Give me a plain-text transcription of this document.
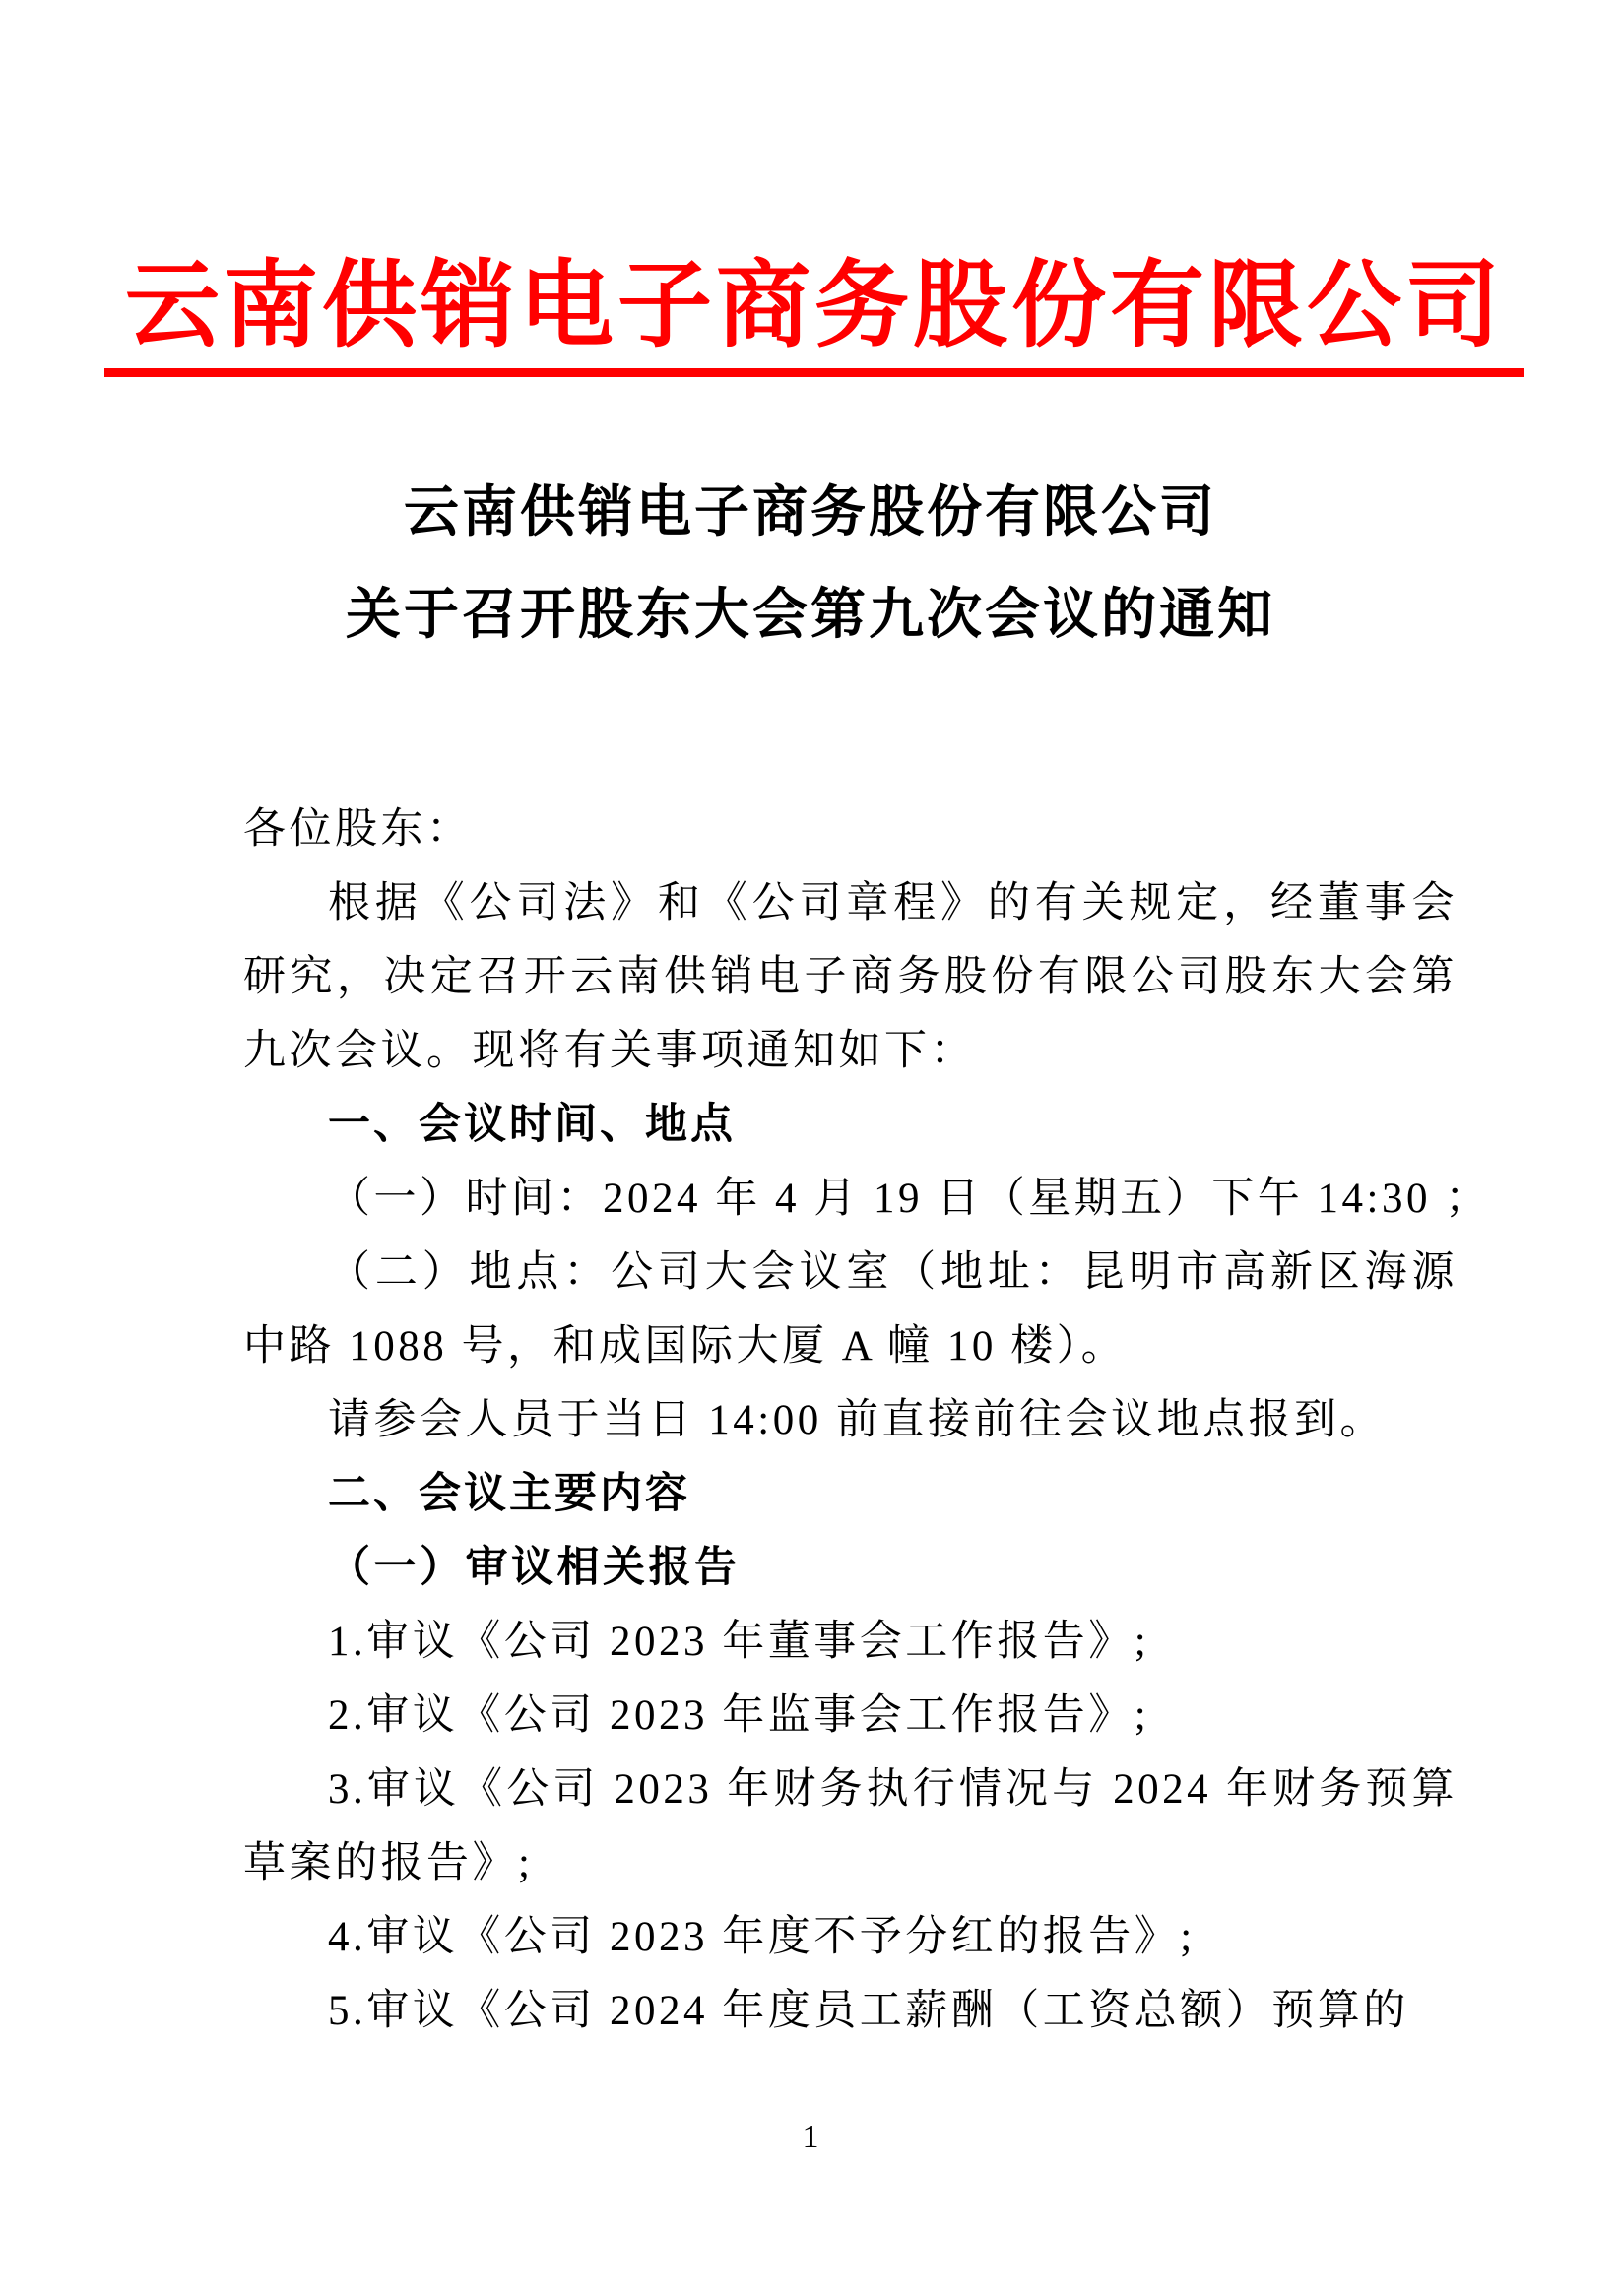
云南供销电子商务股份有限公司
云南供销电子商务股份有限公司
关于召开股东大会第九次会议的通知

各位股东：

根据《公司法》和《公司章程》的有关规定，经董事会研究，决定召开云南供销电子商务股份有限公司股东大会第九次会议。现将有关事项通知如下：

一、会议时间、地点

（一）时间：2024 年 4 月 19 日（星期五）下午 14:30 ；

（二）地点：公司大会议室（地址：昆明市高新区海源中路 1088 号，和成国际大厦 A 幢 10 楼）。

请参会人员于当日 14:00 前直接前往会议地点报到。

二、会议主要内容

（一）审议相关报告

1.审议《公司 2023 年董事会工作报告》;

2.审议《公司 2023 年监事会工作报告》;

3.审议《公司 2023 年财务执行情况与 2024 年财务预算草案的报告》;

4.审议《公司 2023 年度不予分红的报告》;

5.审议《公司 2024 年度员工薪酬（工资总额）预算的

1
